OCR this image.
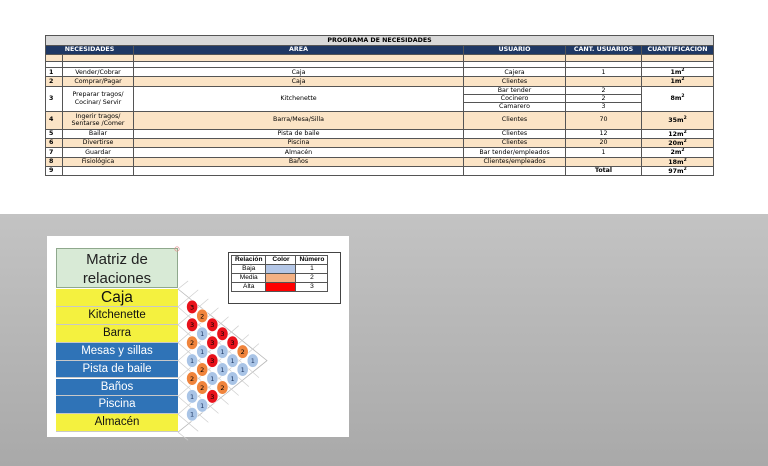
PROGRAMA DE NECESIDADES					
NECESIDADES		AREA	USUARIO	CANT. USUARIOS	CUANTIFICACION

1	Vender/Cobrar	Caja	Cajera	1	$1m^2$
2	Comprar/Pagar	Caja	Clientes		$1m^2$
3	Preparar tragos/ Cocinar/ Servir	Kitchenette	Bar tender	2	$8m^2$
			Cocinero	2	
			Camarero	3	
4	Ingerir tragos/ Sentarse /Comer	Barra/Mesa/Silla	Clientes	70	$35m^2$
5	Bailar	Pista de baile	Clientes	12	$12m^2$
6	Divertirse	Piscina	Clientes	20	$20m^2$
7	Guardar	Almacén	Bar tender/empleados	1	$2m^2$
8	Fisiológica	Baños	Clientes/empleados		$18m^2$
9				Total	$97m^2$
Matriz de relaciones
Caja
Kitchenette
Barra
Mesas y sillas
Pista de baile
Baños
Piscina
Almacén
3
2
3
3
3
2
1
3
1
3
1
1
1
2
1
3
1
1
1
2
1
2
2
2
3
1
1
1
Relación	Color	Número
Baja		1
Media		2
Alta		3
